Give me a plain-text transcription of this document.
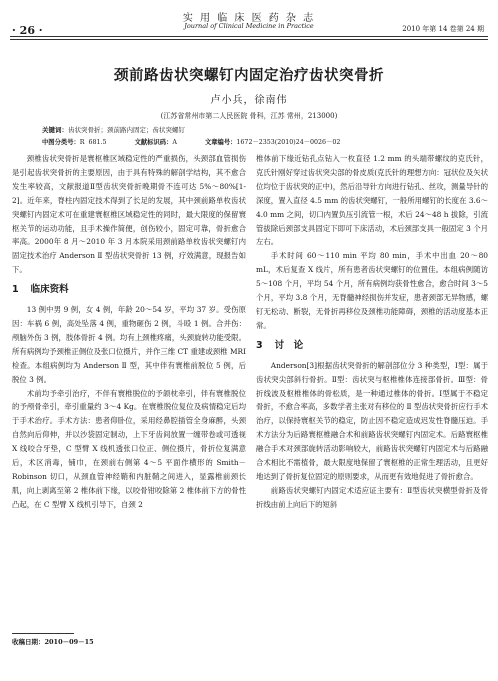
实 用 临 床 医 药 杂 志
Journal of Clinical Medicine in Practice
· 26 ·	2010 年第 14 卷第 24 期
颈前路齿状突螺钉内固定治疗齿状突骨折
卢小兵，徐南伟
(江苏省常州市第二人民医院 骨科，江苏 常州，213000)
关键词：齿状突骨折；颈前路内固定；齿状突螺钉
中图分类号：R 681.5	文献标识码：A	文章编号：1672－2353(2010)24－0026－02

颈椎齿状突骨折是寰枢椎区域稳定性的严重损伤，头颈部血管损伤是引起齿状突骨折的主要原因，由于具有特殊的解剖学结构，其不愈合发生率较高，文献报道Ⅱ型齿状突骨折晚期骨不连可达 5%～80%[1-2]。近年来，脊柱内固定技术得到了长足的发展，其中颈前路单枚齿状突螺钉内固定术可在重建寰枢椎区域稳定性的同时，最大限度的保留寰枢关节的运动功能，且手术操作简便，创伤较小，固定可靠，骨折愈合率高。2000年 8 月～2010 年 3 月本院采用颈前路单枚齿状突螺钉内固定技术治疗 Anderson Ⅱ 型齿状突骨折 13 例，疗效满意，现报告如下。

1 临床资料

13 例中男 9 例，女 4 例，年龄 20～54 岁，平均 37 岁。受伤原因：车祸 6 例，高处坠落 4 例，重物砸伤 2 例，斗殴 1 例。合并伤：颅脑外伤 3 例，肢体骨折 4 例。均有上颈椎疼痛，头颈旋转功能受限。所有病例均予颈椎正侧位及张口位摄片，并作三维 CT 重建或颈椎 MRI 检查。本组病例均为 Anderson Ⅱ 型，其中伴有寰椎前脱位 5 例，后脱位 3 例。

术前均予牵引治疗，不伴有寰椎脱位的予颌枕牵引，伴有寰椎脱位的予颅骨牵引，牵引重量约 3～4 Kg。在寰椎脱位复位及病情稳定后均于手术治疗。手术方法：患者仰卧位，采用经鼻腔插管全身麻醉，头颈自然向后仰伸，并以沙袋固定制动，上下牙齿间放置一缠带卷或可透视 X 线咬合牙垫，C 型臂 X 线机透张口位正、侧位摄片，骨折位复满意后，术区消毒，铺巾，在颈前右侧第 4～5 平面作横形的 Smith－Robinson 切口，从颈血管神经鞘和内脏鞘之间进入，显露椎前颈长肌，向上剥离至第 2 椎体前下缘，以咬骨钳咬除第 2 椎体前下方的骨性凸起，在 C 型臂 X 线机引导下，自颈 2

椎体前下缘近钻孔点钻入一枚直径 1.2 mm 的头端带螺纹的克氏针，克氏针刚好穿过齿状突尖部的骨皮质(克氏针的理想方向：冠状位及矢状位均位于齿状突的正中)，然后沿导针方向进行钻孔、丝攻，测量导针的深度，置入直径 4.5 mm 的齿状突螺钉，一般所用螺钉的长度在 3.6～4.0 mm 之间，切口内置负压引流管一根，术后 24～48 h 拔除，引流管拔除后颈部支具固定下即可下床活动，术后颈部支具一般固定 3 个月左右。

手术时间 60～110 min 平均 80 min，手术中出血 20～80 mL，术后复查 X 线片，所有患者齿状突螺钉的位置佳。本组病例随访 5～108 个月，平均 54 个月，所有病例均获骨性愈合，愈合时间 3～5 个月，平均 3.8 个月，无脊髓神经损伤并发症，患者颈部无异物感，螺钉无松动、断裂，无骨折再移位及颈椎功能障碍，颈椎的活动度基本正常。

3 讨　论

Anderson[3]根据齿状突骨折的解剖部位分 3 种类型，Ⅰ型：属于齿状突尖部斜行骨折。Ⅱ型：齿状突与枢椎椎体连接部骨折。Ⅲ型：骨折线波及枢椎椎体的骨松质，是一种通过椎体的骨折。Ⅰ型属于不稳定骨折，不愈合率高，多数学者主张对有移位的 Ⅱ 型齿状突骨折应行手术治疗，以保持寰枢关节的稳定，防止因不稳定造成迟发性脊髓压迫。手术方法分为后路寰枢椎融合术和前路齿状突螺钉内固定术。后路寰枢椎融合手术对颈部旋转活动影响较大，前路齿状突螺钉内固定术与后路融合术相比不需植骨，最大限度地保留了寰枢椎的正常生理活动，且更好地达到了骨折复位固定的原则要求，从而更有效地促进了骨折愈合。

前路齿状突螺钉内固定术适应证主要有：Ⅱ型齿状突横型骨折及骨折线由前上向后下的短斜

收稿日期：2010－09－15
